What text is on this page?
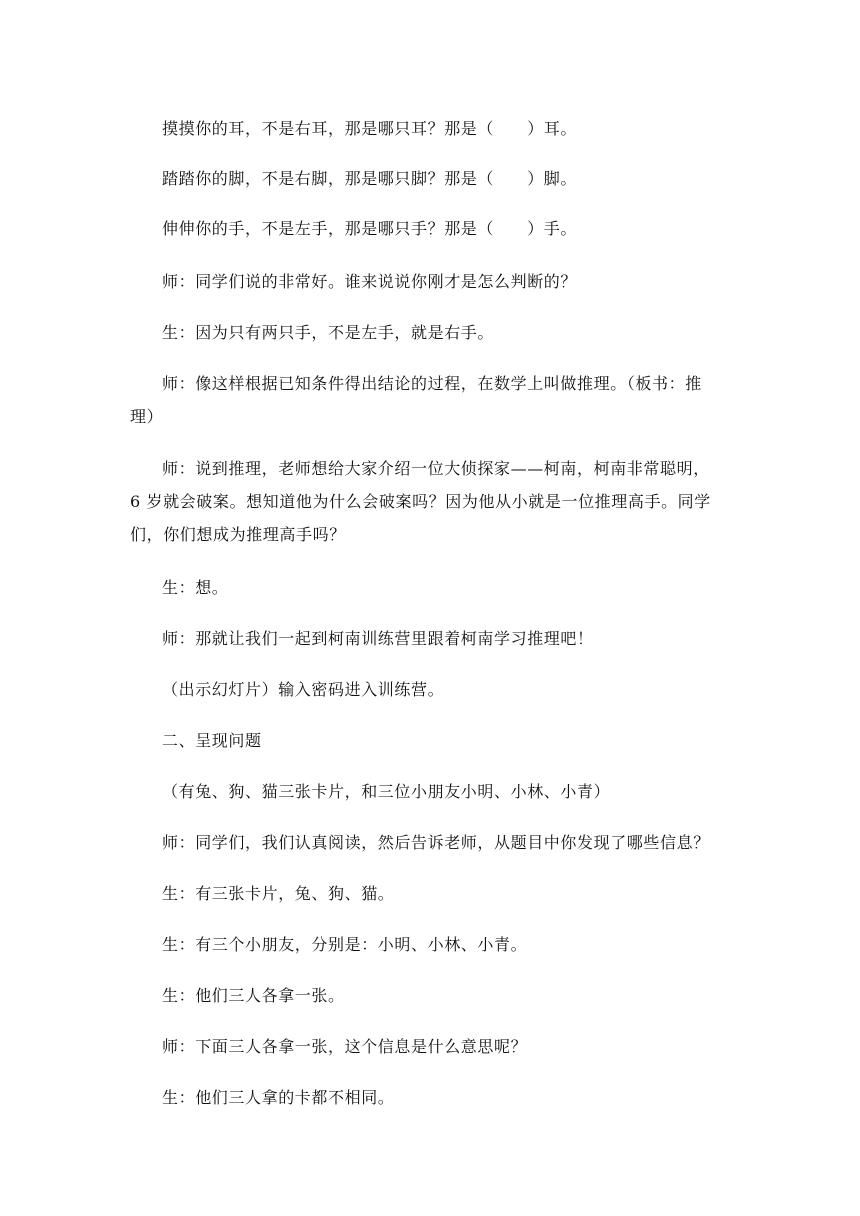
摸摸你的耳，不是右耳，那是哪只耳？那是（　　）耳。
踏踏你的脚，不是右脚，那是哪只脚？那是（　　）脚。
伸伸你的手，不是左手，那是哪只手？那是（　　）手。
师：同学们说的非常好。谁来说说你刚才是怎么判断的？
生：因为只有两只手，不是左手，就是右手。
师：像这样根据已知条件得出结论的过程，在数学上叫做推理。（板书：推
理）
师：说到推理，老师想给大家介绍一位大侦探家——柯南，柯南非常聪明，
6 岁就会破案。想知道他为什么会破案吗？因为他从小就是一位推理高手。同学
们，你们想成为推理高手吗？
生：想。
师：那就让我们一起到柯南训练营里跟着柯南学习推理吧！
（出示幻灯片）输入密码进入训练营。
二、呈现问题
（有兔、狗、猫三张卡片，和三位小朋友小明、小林、小青）
师：同学们，我们认真阅读，然后告诉老师，从题目中你发现了哪些信息？
生：有三张卡片，兔、狗、猫。
生：有三个小朋友，分别是：小明、小林、小青。
生：他们三人各拿一张。
师：下面三人各拿一张，这个信息是什么意思呢？
生：他们三人拿的卡都不相同。
